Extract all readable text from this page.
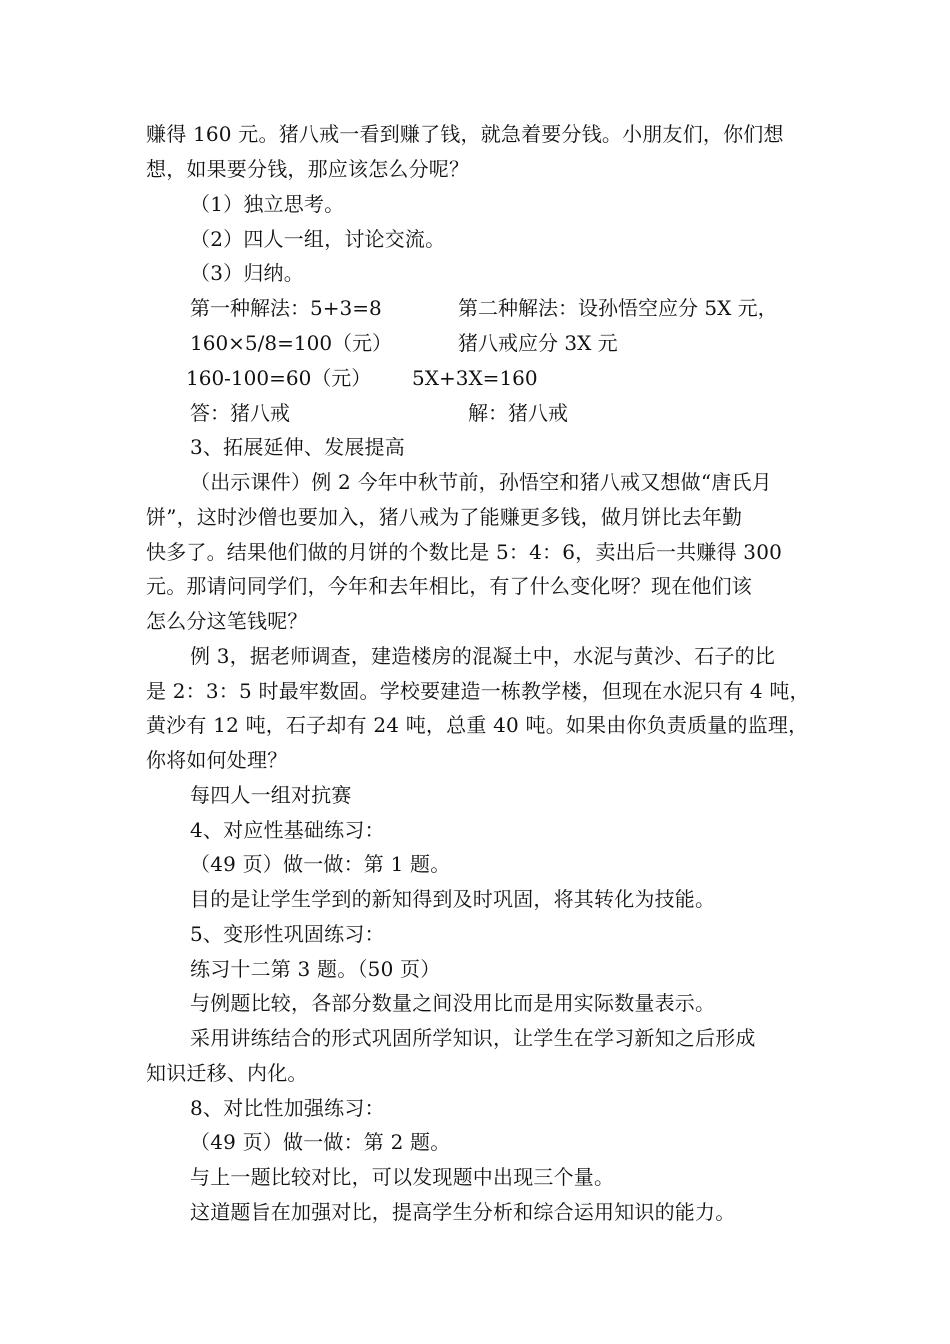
赚得 160 元。猪八戒一看到赚了钱，就急着要分钱。小朋友们，你们想
想，如果要分钱，那应该怎么分呢？
（1）独立思考。
（2）四人一组，讨论交流。
（3）归纳。
第一种解法：5+3=8	第二种解法：设孙悟空应分 5X 元，
160×5/8=100（元）	猪八戒应分 3X 元
160-100=60（元） 5X+3X=160
答：猪八戒	解：猪八戒
3、拓展延伸、发展提高
（出示课件）例 2 今年中秋节前，孙悟空和猪八戒又想做“唐氏月
饼”，这时沙僧也要加入，猪八戒为了能赚更多钱，做月饼比去年勤
快多了。结果他们做的月饼的个数比是 5：4：6，卖出后一共赚得 300
元。那请问同学们，今年和去年相比，有了什么变化呀？现在他们该
怎么分这笔钱呢？
例 3，据老师调查，建造楼房的混凝土中，水泥与黄沙、石子的比
是 2：3：5 时最牢数固。学校要建造一栋教学楼，但现在水泥只有 4 吨，
黄沙有 12 吨，石子却有 24 吨，总重 40 吨。如果由你负责质量的监理，
你将如何处理？
每四人一组对抗赛
4、对应性基础练习：
（49 页）做一做：第 1 题。
目的是让学生学到的新知得到及时巩固，将其转化为技能。
5、变形性巩固练习：
练习十二第 3 题。（50 页）
与例题比较，各部分数量之间没用比而是用实际数量表示。
采用讲练结合的形式巩固所学知识，让学生在学习新知之后形成
知识迁移、内化。
8、对比性加强练习：
（49 页）做一做：第 2 题。
与上一题比较对比，可以发现题中出现三个量。
这道题旨在加强对比，提高学生分析和综合运用知识的能力。
